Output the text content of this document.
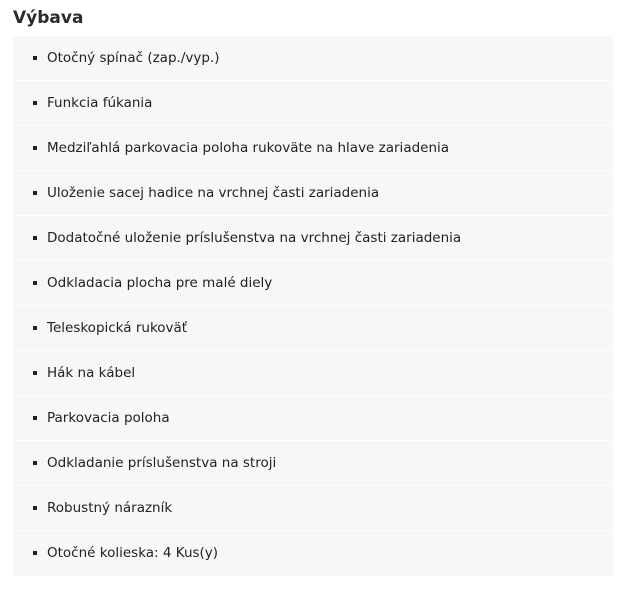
Výbava
Otočný spínač (zap./vyp.)
Funkcia fúkania
Medziľahlá parkovacia poloha rukoväte na hlave zariadenia
Uloženie sacej hadice na vrchnej časti zariadenia
Dodatočné uloženie príslušenstva na vrchnej časti zariadenia
Odkladacia plocha pre malé diely
Teleskopická rukoväť
Hák na kábel
Parkovacia poloha
Odkladanie príslušenstva na stroji
Robustný nárazník
Otočné kolieska: 4 Kus(y)
